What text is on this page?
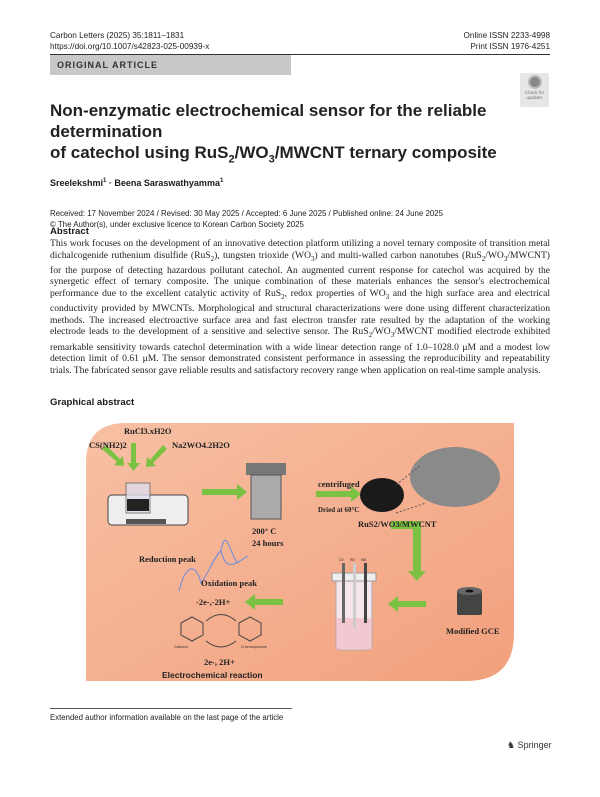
Carbon Letters (2025) 35:1811–1831
https://doi.org/10.1007/s42823-025-00939-x
Online ISSN 2233-4998
Print ISSN 1976-4251
ORIGINAL ARTICLE
Check for updates
Non-enzymatic electrochemical sensor for the reliable determination
of catechol using $RuS_2/WO_3$/MWCNT ternary composite
Sreelekshmi$^1$ · Beena Saraswathyamma$^1$
Received: 17 November 2024 / Revised: 30 May 2025 / Accepted: 6 June 2025 / Published online: 24 June 2025
© The Author(s), under exclusive licence to Korean Carbon Society 2025
Abstract

This work focuses on the development of an innovative detection platform utilizing a novel ternary composite of transition metal dichalcogenide ruthenium disulfide (RuS$_2$), tungsten trioxide $(WO_3)$ and multi-walled carbon nanotubes $(RuS_2/WO_3/MWCNT)$ for the purpose of detecting hazardous pollutant catechol. An augmented current response for catechol was acquired by the synergetic effect of ternary composite. The unique combination of these materials enhances the sensor's electrochemical performance due to the excellent catalytic activity of RuS$_2$, redox properties of $WO_3$ and the high surface area and electrical conductivity provided by MWCNTs. Morphological and structural characterizations were done using different characterization methods. The increased electroactive surface area and fast electron transfer rate resulted by the adaptation of the working electrode leads to the development of a sensitive and selective sensor. The $RuS_2/WO_3$/MWCNT modified electrode exhibited remarkable sensitivity towards catechol determination with a wide linear detection range of 1.0–1028.0 μM and a modest low detection limit of 0.61 μM. The sensor demonstrated consistent performance in assessing the reproducibility and repeatability trials. The fabricated sensor gave reliable results and satisfactory recovery range when application on real-time sample analysis.

Graphical abstract
RuCl3.xH2O
CS(NH2)2	Na2WO4.2H2O
200° C
24 hours
centrifuged
Dried at 60°C
RuS2/WO3/MWCNT
Reduction peak
Oxidation peak
-2e-,-2H+
2e-, 2H+
Electrochemical reaction
Modified GCE
Catechol	O-benzoquinone
CE RE WE
Extended author information available on the last page of the article
♞ Springer
